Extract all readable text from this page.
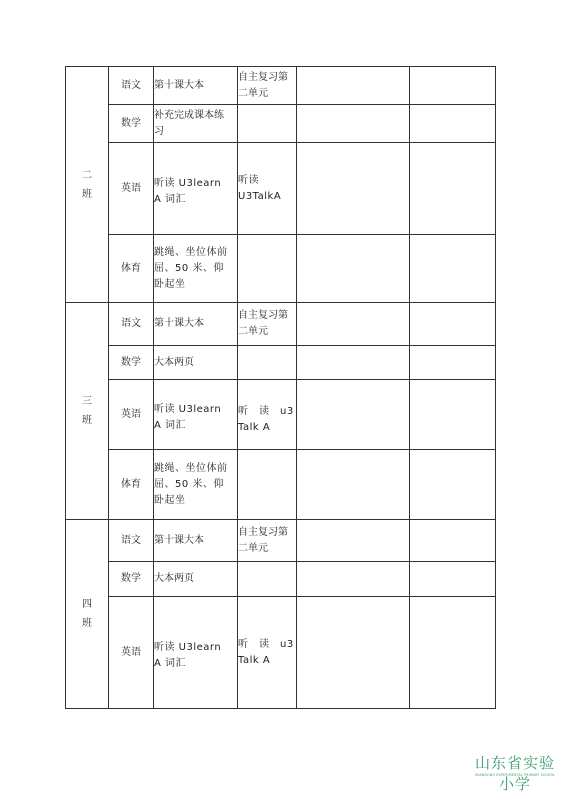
二
班	语文	第十课大本	自主复习第
二单元		

	数学	补充完成课本练
习			

	英语	听读 U3learn
A 词汇	听读
U3TalkA		

	体育	跳绳、坐位体前
屈、50 米、仰
卧起坐			

三
班	语文	第十课大本	自主复习第
二单元		

	数学	大本两页			

	英语	听读 U3learn
A 词汇	听　读　u3
Talk A		

	体育	跳绳、坐位体前
屈、50 米、仰
卧起坐			

四
班	语文	第十课大本	自主复习第
二单元		

	数学	大本两页			

	英语	听读 U3learn
A 词汇	听　读　u3
Talk A		

山东省实验小学
SHANDONG EXPERIMENTAL PRIMARY SCHOOL
